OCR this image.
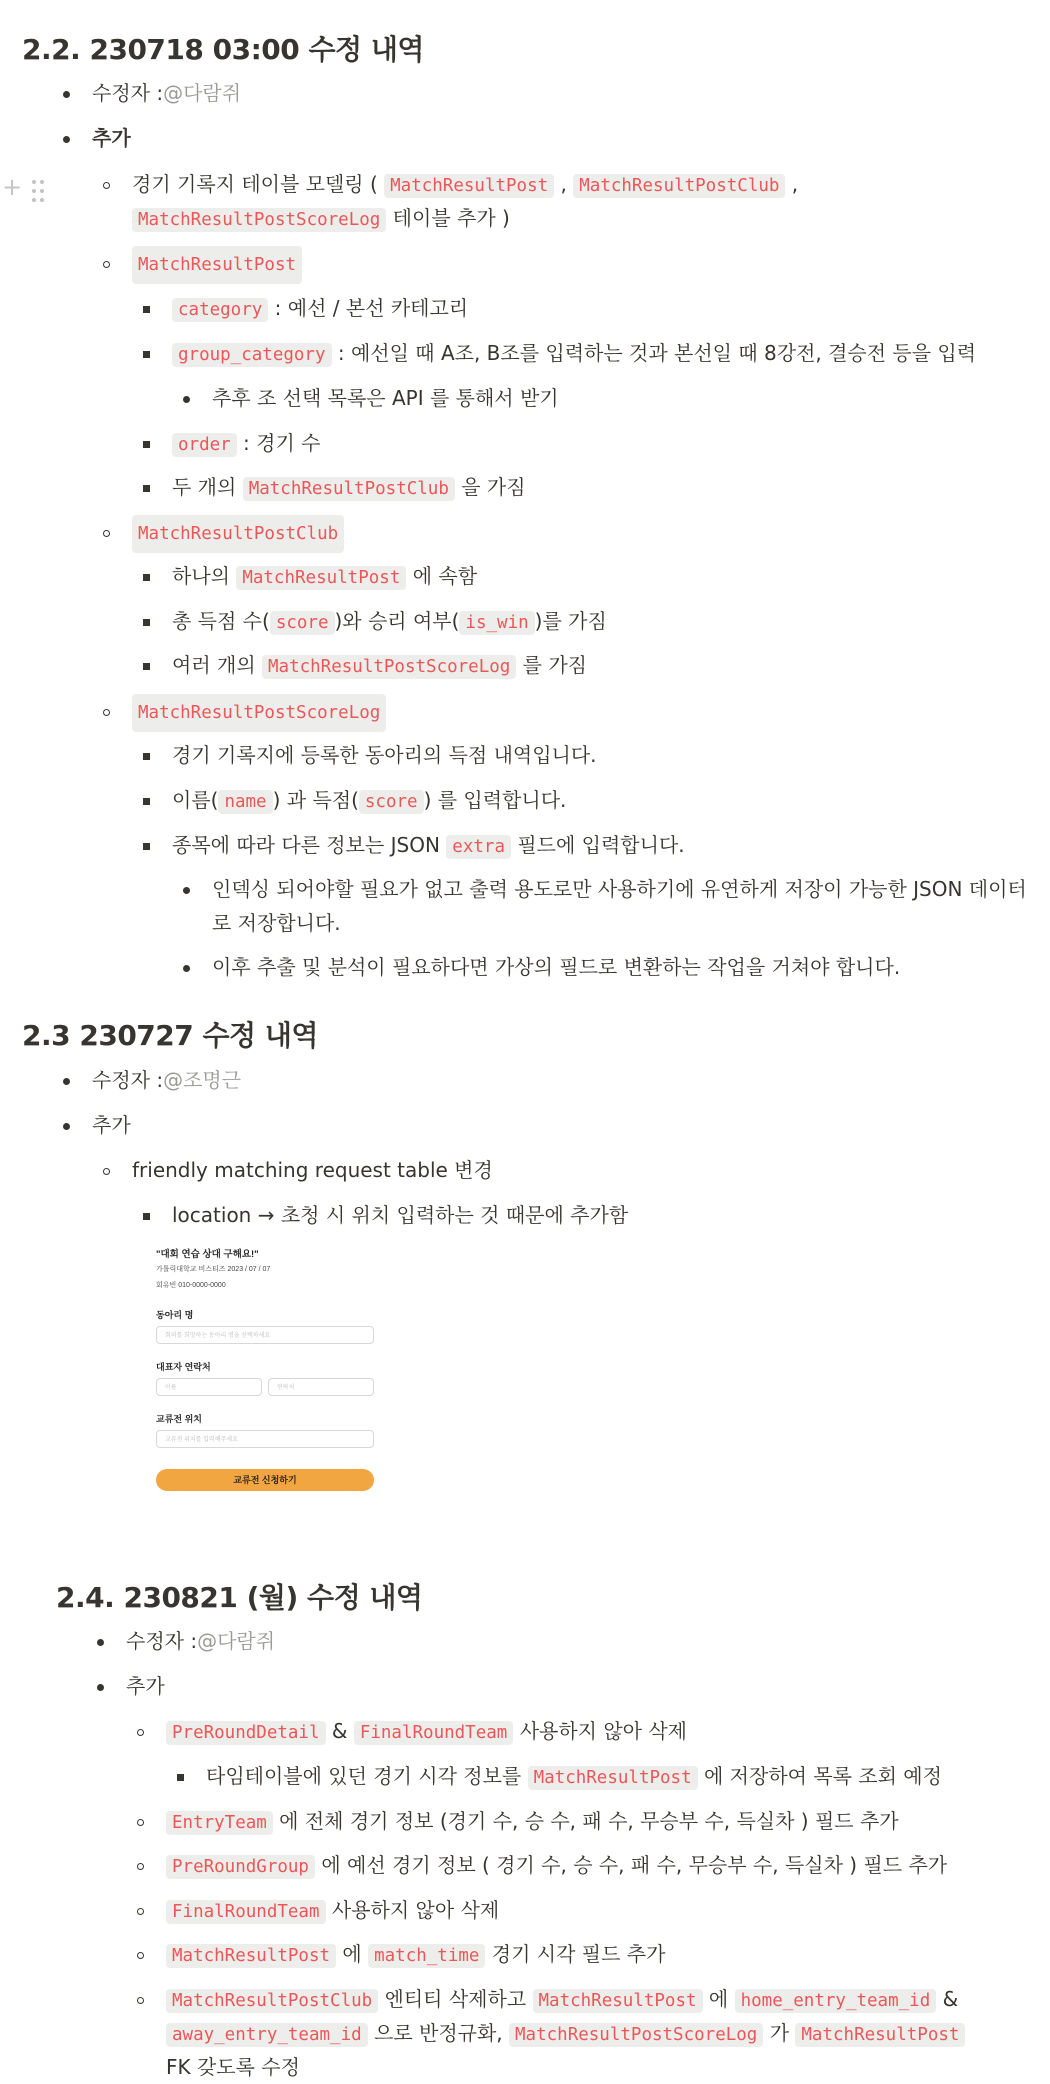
2.2. 230718 03:00 수정 내역
수정자 : @다람쥐
추가
+	경기 기록지 테이블 모델링 ( MatchResultPost , MatchResultPostClub ,
MatchResultPostScoreLog 테이블 추가 )
MatchResultPost
category : 예선 / 본선 카테고리
group_category : 예선일 때 A조, B조를 입력하는 것과 본선일 때 8강전, 결승전 등을 입력
추후 조 선택 목록은 API 를 통해서 받기
order : 경기 수
두 개의 MatchResultPostClub 을 가짐
MatchResultPostClub
하나의 MatchResultPost 에 속함
총 득점 수( score )와 승리 여부( is_win )를 가짐
여러 개의 MatchResultPostScoreLog 를 가짐
MatchResultPostScoreLog
경기 기록지에 등록한 동아리의 득점 내역입니다.
이름( name ) 과 득점( score ) 를 입력합니다.
종목에 따라 다른 정보는 JSON extra 필드에 입력합니다.
인덱싱 되어야할 필요가 없고 출력 용도로만 사용하기에 유연하게 저장이 가능한 JSON 데이터
로 저장합니다.
이후 추출 및 분석이 필요하다면 가상의 필드로 변환하는 작업을 거쳐야 합니다.
2.3 230727 수정 내역
수정자 : @조명근
추가
friendly matching request table 변경
location → 초청 시 위치 입력하는 것 때문에 추가함
"대회 연습 상대 구해요!"
가톨릭대학교 비스티즈 2023 / 07 / 07
회유빈 010-0000-0000
동아리 명
회의를 희망하는 동아리 명을 선택하세요
대표자 연락처
이름	연락처
교류전 위치
교류전 위치를 입력해주세요
교류전 신청하기
2.4. 230821 (월) 수정 내역
수정자 : @다람쥐
추가
PreRoundDetail & FinalRoundTeam 사용하지 않아 삭제
타임테이블에 있던 경기 시각 정보를 MatchResultPost 에 저장하여 목록 조회 예정
EntryTeam 에 전체 경기 정보 (경기 수, 승 수, 패 수, 무승부 수, 득실차 ) 필드 추가
PreRoundGroup 에 예선 경기 정보 ( 경기 수, 승 수, 패 수, 무승부 수, 득실차 ) 필드 추가
FinalRoundTeam 사용하지 않아 삭제
MatchResultPost 에 match_time 경기 시각 필드 추가
MatchResultPostClub 엔티티 삭제하고 MatchResultPost 에 home_entry_team_id &
away_entry_team_id 으로 반정규화, MatchResultPostScoreLog 가 MatchResultPost
FK 갖도록 수정
